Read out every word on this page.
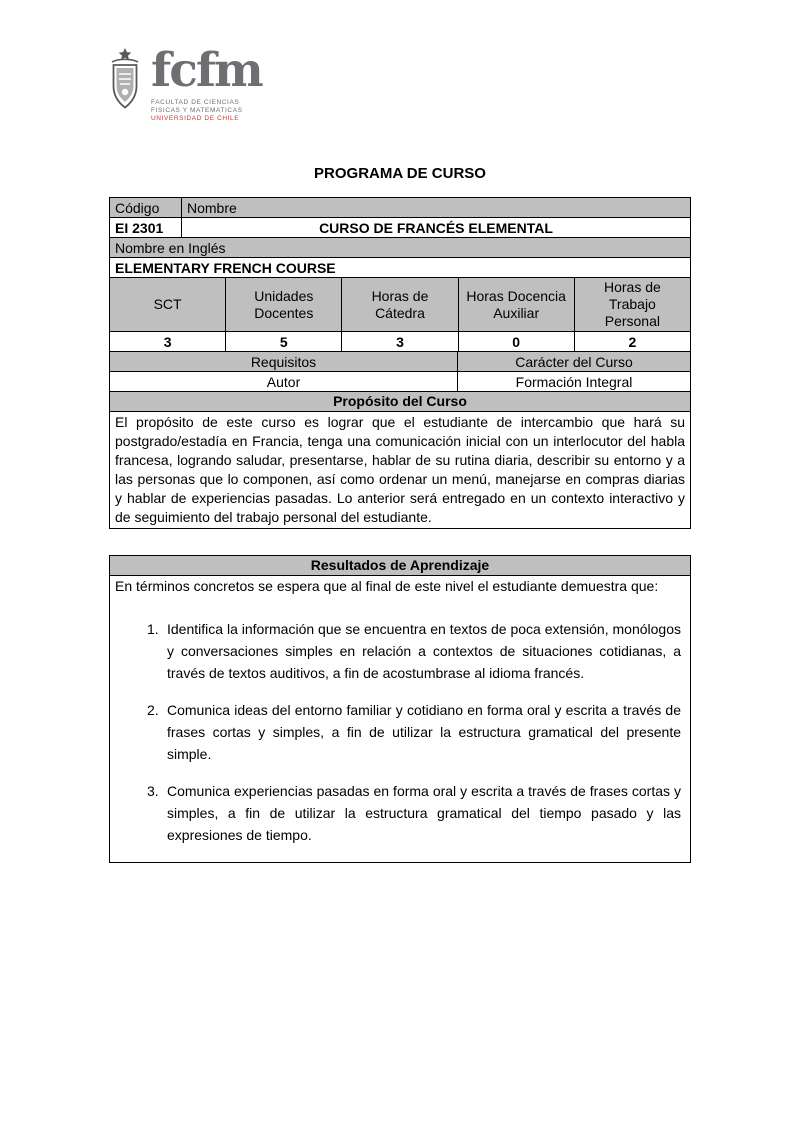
fcfm
FACULTAD DE CIENCIAS
FISICAS Y MATEMATICAS
UNIVERSIDAD DE CHILE
PROGRAMA DE CURSO
Código	Nombre
EI 2301	CURSO DE FRANCÉS ELEMENTAL
Nombre en Inglés
ELEMENTARY FRENCH COURSE
SCT	Unidades Docentes	Horas de Cátedra	Horas Docencia Auxiliar	Horas de Trabajo Personal
3	5	3	0	2
Requisitos	Carácter del Curso
Autor	Formación Integral
Propósito del Curso
El propósito de este curso es lograr que el estudiante de intercambio que hará su postgrado/estadía en Francia, tenga una comunicación inicial con un interlocutor del habla francesa, logrando saludar, presentarse, hablar de su rutina diaria, describir su entorno y a las personas que lo componen, así como ordenar un menú, manejarse en compras diarias y hablar de experiencias pasadas. Lo anterior será entregado en un contexto interactivo y de seguimiento del trabajo personal del estudiante.
Resultados de Aprendizaje

En términos concretos se espera que al final de este nivel el estudiante demuestra que:
1. Identifica la información que se encuentra en textos de poca extensión, monólogos y conversaciones simples en relación a contextos de situaciones cotidianas, a través de textos auditivos, a fin de acostumbrase al idioma francés.
2. Comunica ideas del entorno familiar y cotidiano en forma oral y escrita a través de frases cortas y simples, a fin de utilizar la estructura gramatical del presente simple.
3. Comunica experiencias pasadas en forma oral y escrita a través de frases cortas y simples, a fin de utilizar la estructura gramatical del tiempo pasado y las expresiones de tiempo.
